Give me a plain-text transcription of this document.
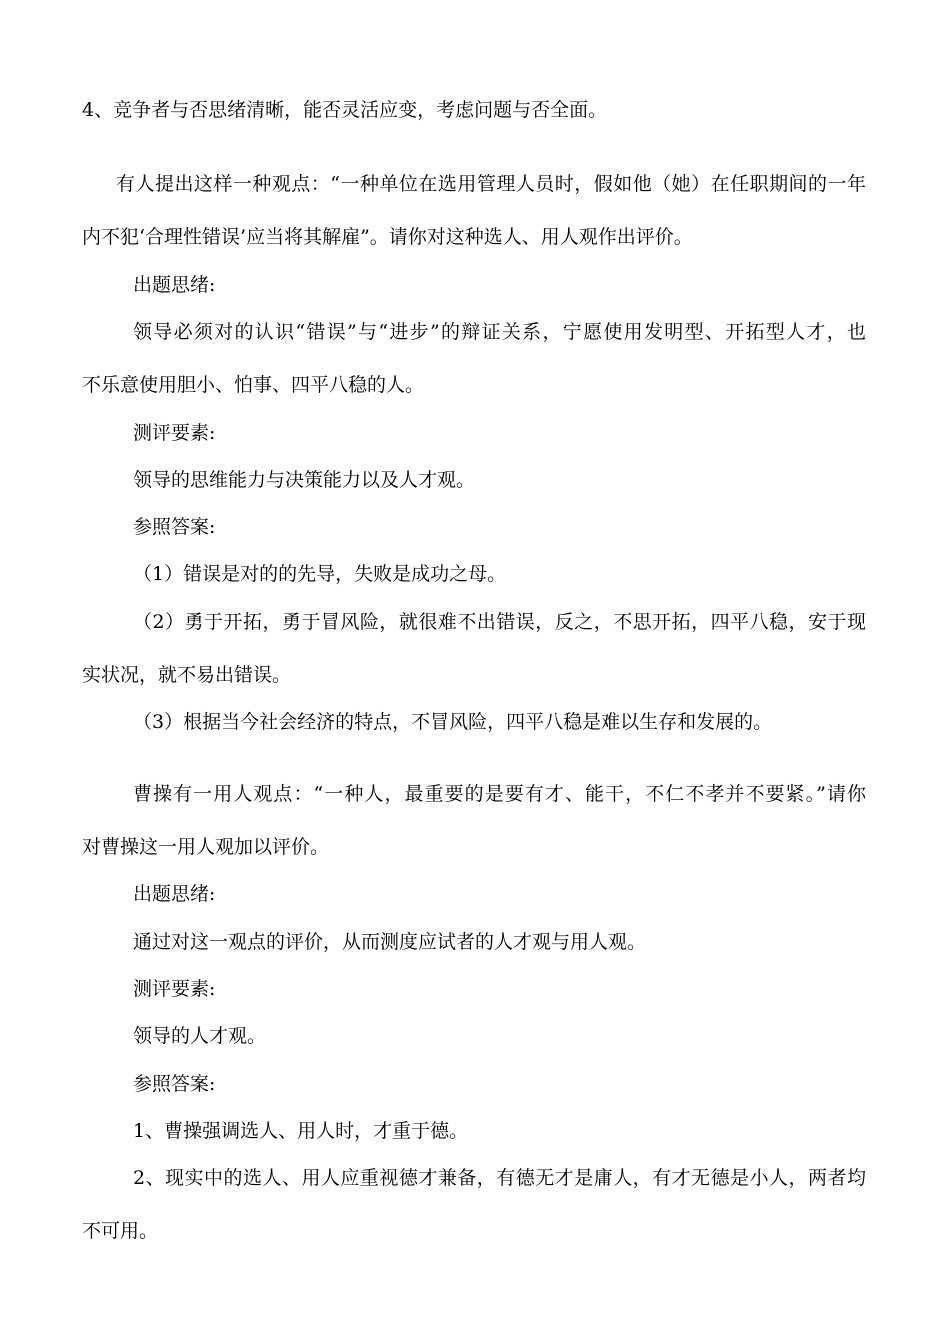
4、竞争者与否思绪清晰，能否灵活应变，考虑问题与否全面。
有人提出这样一种观点：“一种单位在选用管理人员时，假如他（她）在任职期间的一年
内不犯‘合理性错误’应当将其解雇”。请你对这种选人、用人观作出评价。
出题思绪:
领导必须对的认识“错误”与“进步”的辩证关系，宁愿使用发明型、开拓型人才，也
不乐意使用胆小、怕事、四平八稳的人。
测评要素:
领导的思维能力与决策能力以及人才观。
参照答案:
（1）错误是对的的先导，失败是成功之母。
（2）勇于开拓，勇于冒风险，就很难不出错误，反之，不思开拓，四平八稳，安于现
实状况，就不易出错误。
（3）根据当今社会经济的特点，不冒风险，四平八稳是难以生存和发展的。
曹操有一用人观点：“一种人，最重要的是要有才、能干，不仁不孝并不要紧。”请你
对曹操这一用人观加以评价。
出题思绪:
通过对这一观点的评价，从而测度应试者的人才观与用人观。
测评要素:
领导的人才观。
参照答案:
1、曹操强调选人、用人时，才重于德。
2、现实中的选人、用人应重视德才兼备，有德无才是庸人，有才无德是小人，两者均
不可用。
